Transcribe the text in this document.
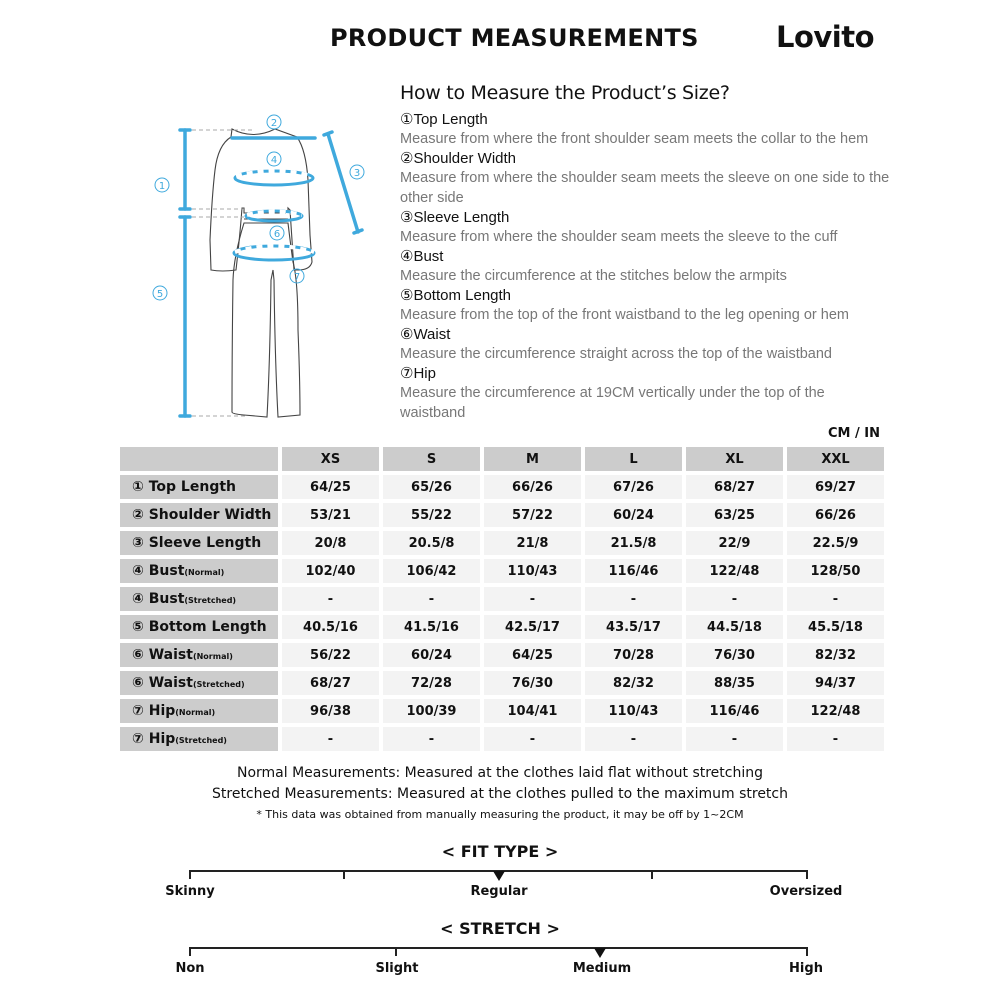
PRODUCT MEASUREMENTS	Lovito
2
4
1
3
6
7
5
How to Measure the Product’s Size?
①Top Length
Measure from where the front shoulder seam meets the collar to the hem
②Shoulder Width
Measure from where the shoulder seam meets the sleeve on one side to the other side
③Sleeve Length
Measure from where the shoulder seam meets the sleeve to the cuff
④Bust
Measure the circumference at the stitches below the armpits
⑤Bottom Length
Measure from the top of the front waistband to the leg opening or hem
⑥Waist
Measure the circumference straight across the top of the waistband
⑦Hip
Measure the circumference at 19CM vertically under the top of the waistband
CM / IN
	XS	S	M	L	XL	XXL
① Top Length	64/25	65/26	66/26	67/26	68/27	69/27
② Shoulder Width	53/21	55/22	57/22	60/24	63/25	66/26
③ Sleeve Length	20/8	20.5/8	21/8	21.5/8	22/9	22.5/9
④ Bust(Normal)	102/40	106/42	110/43	116/46	122/48	128/50
④ Bust(Stretched)	-	-	-	-	-	-
⑤ Bottom Length	40.5/16	41.5/16	42.5/17	43.5/17	44.5/18	45.5/18
⑥ Waist(Normal)	56/22	60/24	64/25	70/28	76/30	82/32
⑥ Waist(Stretched)	68/27	72/28	76/30	82/32	88/35	94/37
⑦ Hip(Normal)	96/38	100/39	104/41	110/43	116/46	122/48
⑦ Hip(Stretched)	-	-	-	-	-	-
Normal Measurements: Measured at the clothes laid flat without stretching
Stretched Measurements: Measured at the clothes pulled to the maximum stretch
* This data was obtained from manually measuring the product, it may be off by 1~2CM
< FIT TYPE >
Skinny	Regular	Oversized
< STRETCH >
Non	Slight	Medium	High
